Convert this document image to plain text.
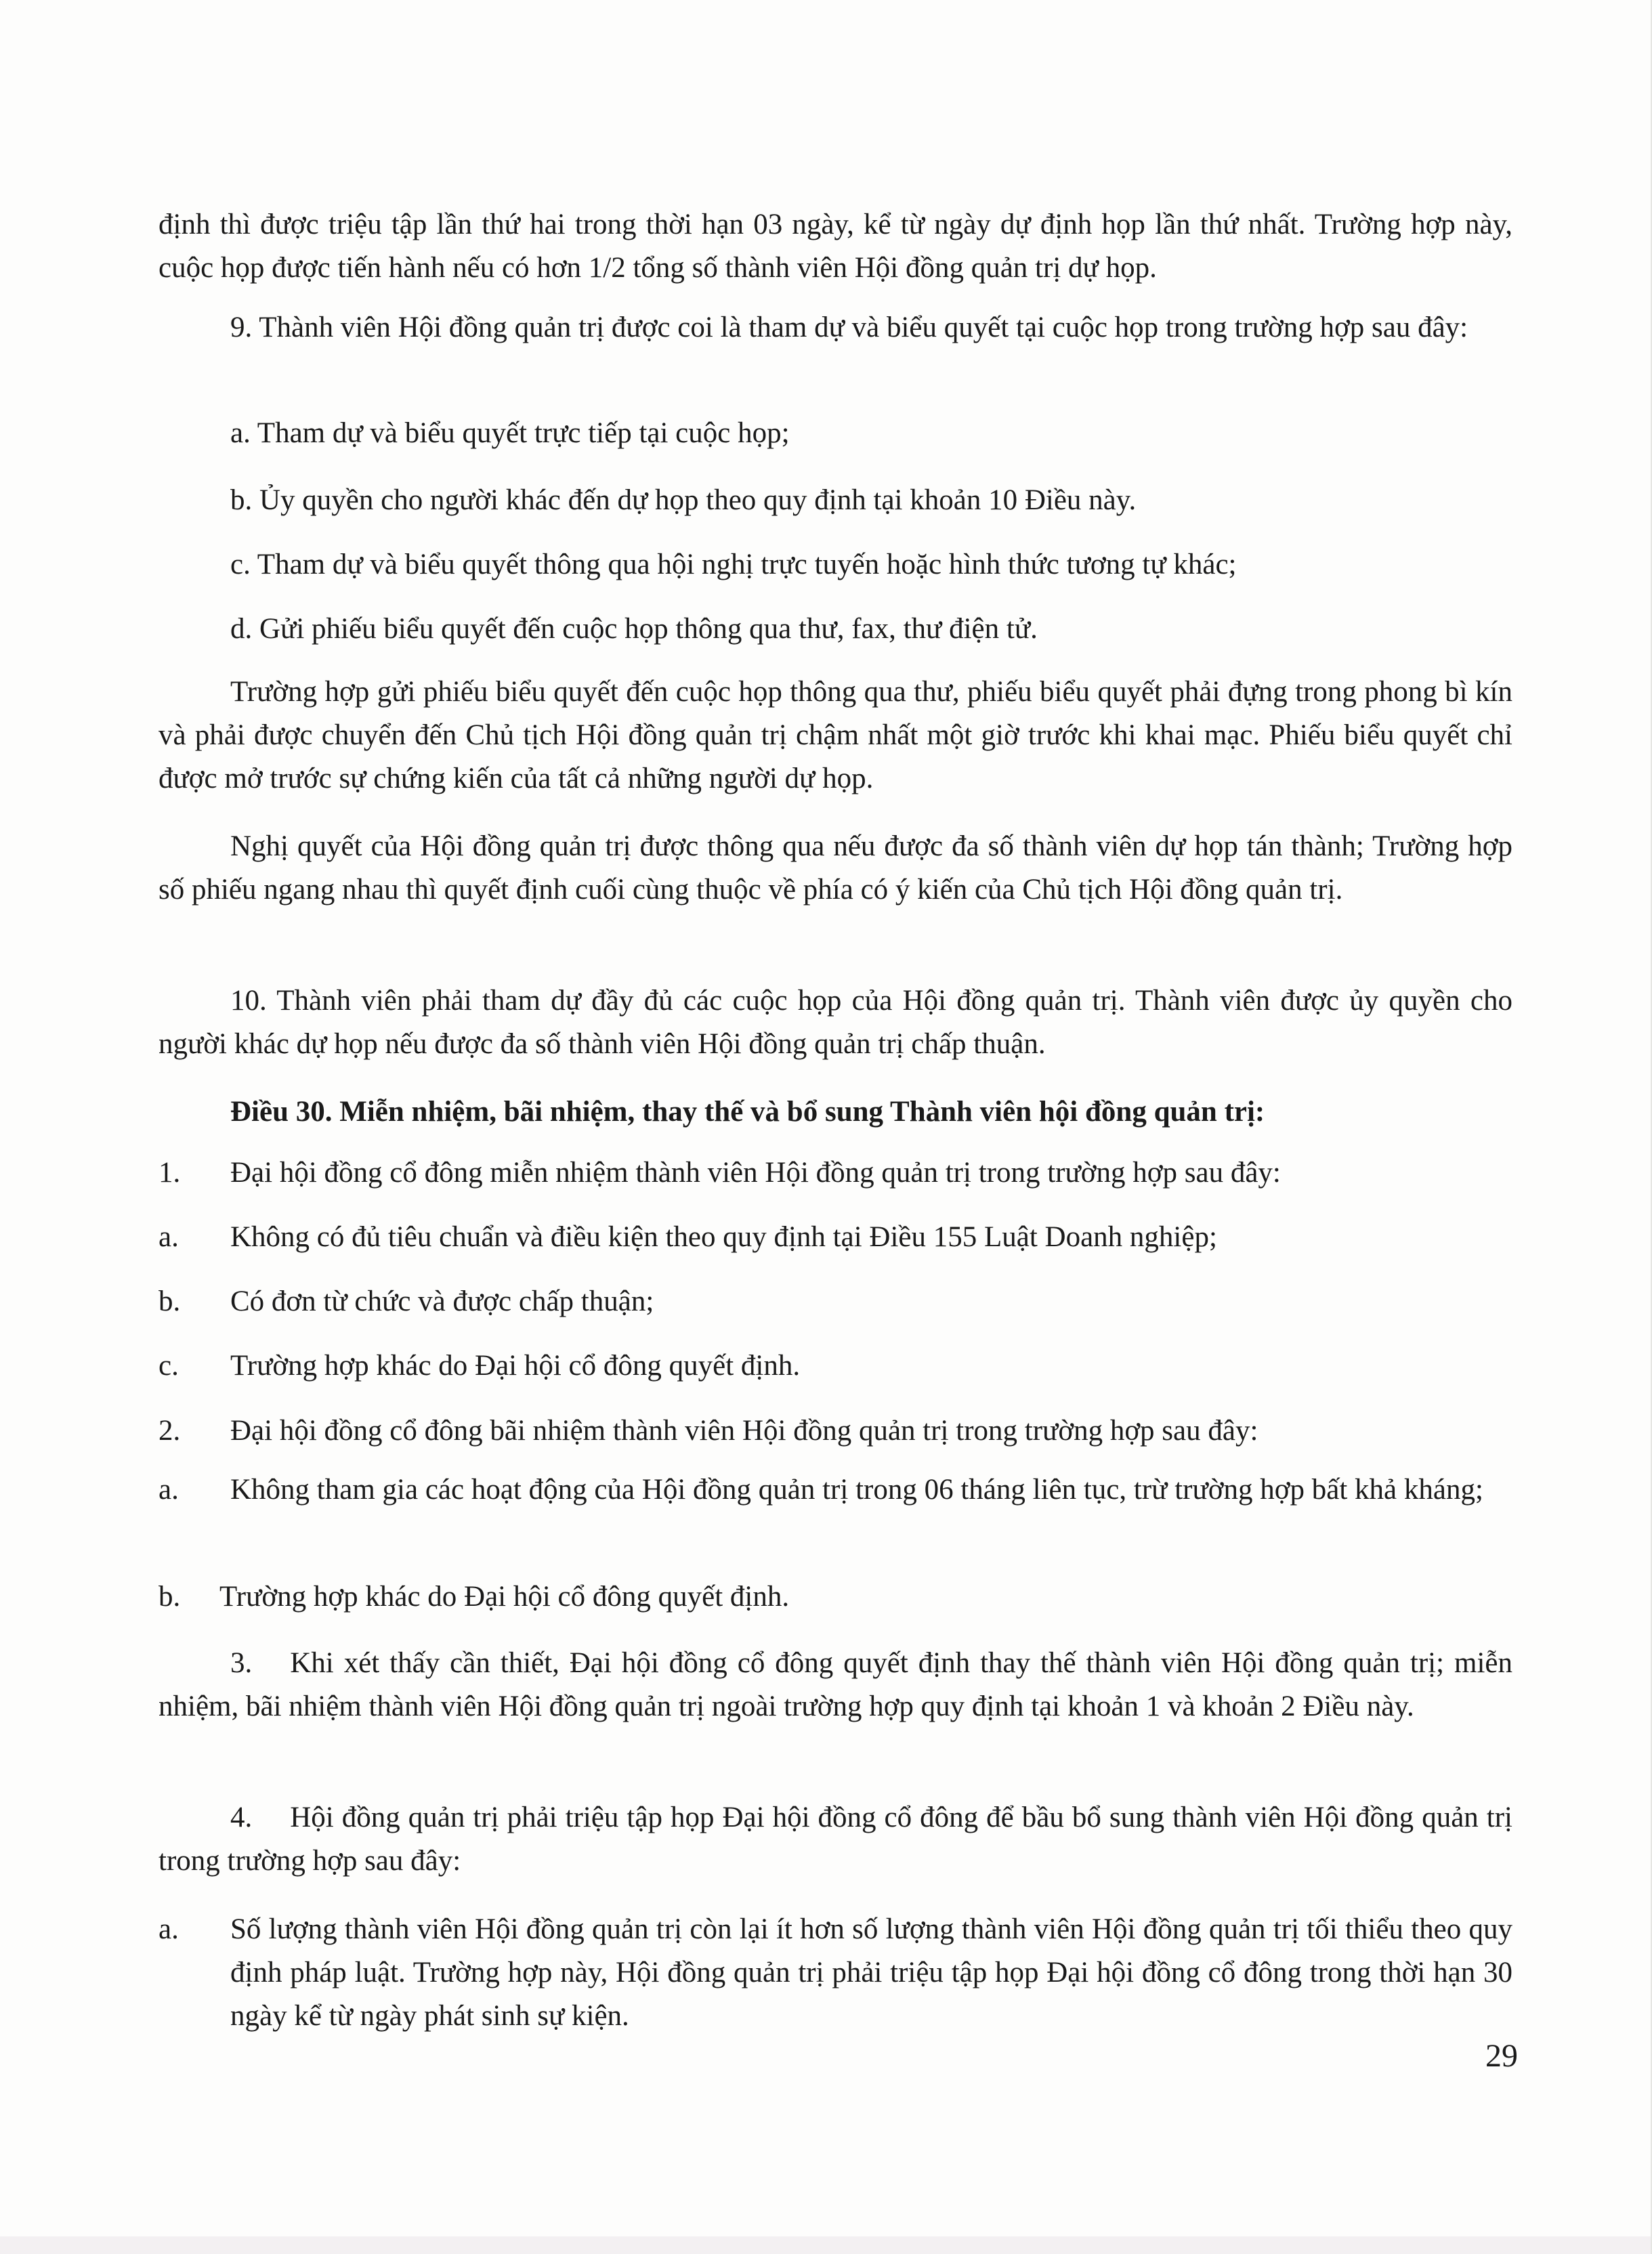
định thì được triệu tập lần thứ hai trong thời hạn 03 ngày, kể từ ngày dự định họp lần thứ nhất. Trường hợp này, cuộc họp được tiến hành nếu có hơn 1/2 tổng số thành viên Hội đồng quản trị dự họp.

9. Thành viên Hội đồng quản trị được coi là tham dự và biểu quyết tại cuộc họp trong trường hợp sau đây:

a. Tham dự và biểu quyết trực tiếp tại cuộc họp;

b. Ủy quyền cho người khác đến dự họp theo quy định tại khoản 10 Điều này.

c. Tham dự và biểu quyết thông qua hội nghị trực tuyến hoặc hình thức tương tự khác;

d. Gửi phiếu biểu quyết đến cuộc họp thông qua thư, fax, thư điện tử.

Trường hợp gửi phiếu biểu quyết đến cuộc họp thông qua thư, phiếu biểu quyết phải đựng trong phong bì kín và phải được chuyển đến Chủ tịch Hội đồng quản trị chậm nhất một giờ trước khi khai mạc. Phiếu biểu quyết chỉ được mở trước sự chứng kiến của tất cả những người dự họp.

Nghị quyết của Hội đồng quản trị được thông qua nếu được đa số thành viên dự họp tán thành; Trường hợp số phiếu ngang nhau thì quyết định cuối cùng thuộc về phía có ý kiến của Chủ tịch Hội đồng quản trị.

10. Thành viên phải tham dự đầy đủ các cuộc họp của Hội đồng quản trị. Thành viên được ủy quyền cho người khác dự họp nếu được đa số thành viên Hội đồng quản trị chấp thuận.

Điều 30. Miễn nhiệm, bãi nhiệm, thay thế và bổ sung Thành viên hội đồng quản trị:

1. Đại hội đồng cổ đông miễn nhiệm thành viên Hội đồng quản trị trong trường hợp sau đây:
a. Không có đủ tiêu chuẩn và điều kiện theo quy định tại Điều 155 Luật Doanh nghiệp;
b. Có đơn từ chức và được chấp thuận;
c. Trường hợp khác do Đại hội cổ đông quyết định.
2. Đại hội đồng cổ đông bãi nhiệm thành viên Hội đồng quản trị trong trường hợp sau đây:
a. Không tham gia các hoạt động của Hội đồng quản trị trong 06 tháng liên tục, trừ trường hợp bất khả kháng;
b. Trường hợp khác do Đại hội cổ đông quyết định.
3. Khi xét thấy cần thiết, Đại hội đồng cổ đông quyết định thay thế thành viên Hội đồng quản trị; miễn nhiệm, bãi nhiệm thành viên Hội đồng quản trị ngoài trường hợp quy định tại khoản 1 và khoản 2 Điều này.
4. Hội đồng quản trị phải triệu tập họp Đại hội đồng cổ đông để bầu bổ sung thành viên Hội đồng quản trị trong trường hợp sau đây:
a. Số lượng thành viên Hội đồng quản trị còn lại ít hơn số lượng thành viên Hội đồng quản trị tối thiểu theo quy định pháp luật. Trường hợp này, Hội đồng quản trị phải triệu tập họp Đại hội đồng cổ đông trong thời hạn 30 ngày kể từ ngày phát sinh sự kiện.
29
